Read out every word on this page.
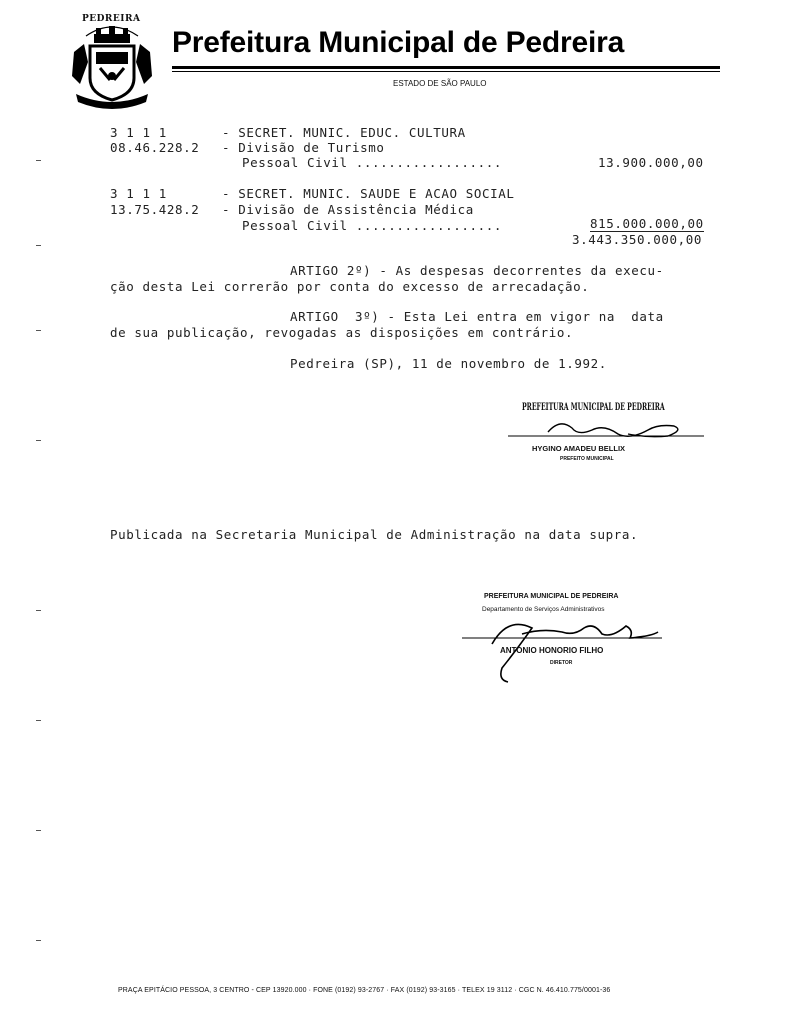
PEDREIRA
Prefeitura Municipal de Pedreira
ESTADO DE SÃO PAULO
3 1 1 1	- SECRET. MUNIC. EDUC. CULTURA
08.46.228.2 - Divisão de Turismo
Pessoal Civil ..................	13.900.000,00
3 1 1 1	- SECRET. MUNIC. SAUDE E ACAO SOCIAL
13.75.428.2 - Divisão de Assistência Médica
Pessoal Civil ..................	815.000.000,00
3.443.350.000,00
ARTIGO 2º) - As despesas decorrentes da execu-
ção desta Lei correrão por conta do excesso de arrecadação.
ARTIGO  3º) - Esta Lei entra em vigor na  data
de sua publicação, revogadas as disposições em contrário.
Pedreira (SP), 11 de novembro de 1.992.
PREFEITURA MUNICIPAL DE PEDREIRA
HYGINO AMADEU BELLIX
PREFEITO MUNICIPAL
Publicada na Secretaria Municipal de Administração na data supra.
PREFEITURA MUNICIPAL DE PEDREIRA
Departamento de Serviços Administrativos
ANTONIO HONORIO FILHO
DIRETOR
PRAÇA EPITÁCIO PESSOA, 3 CENTRO - CEP 13920.000 · FONE (0192) 93-2767 · FAX (0192) 93-3165 · TELEX 19 3112 · CGC N. 46.410.775/0001-36
